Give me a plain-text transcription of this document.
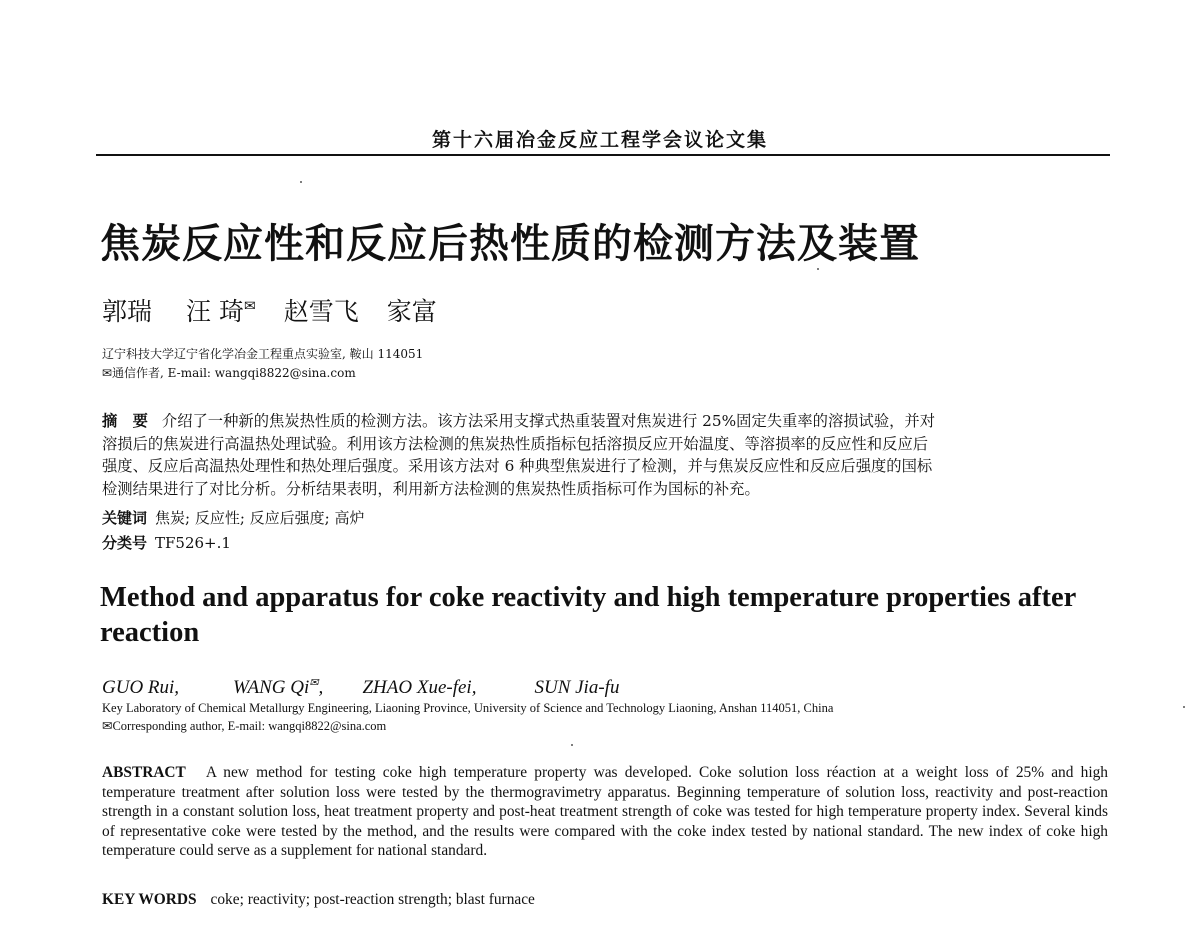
第十六届冶金反应工程学会议论文集
焦炭反应性和反应后热性质的检测方法及装置
郭瑞 汪 琦✉ 赵雪飞 家富
辽宁科技大学辽宁省化学冶金工程重点实验室, 鞍山 114051
✉通信作者, E-mail: wangqi8822@sina.com
摘　要 介绍了一种新的焦炭热性质的检测方法。该方法采用支撑式热重装置对焦炭进行 25%固定失重率的溶损试验，并对
溶损后的焦炭进行高温热处理试验。利用该方法检测的焦炭热性质指标包括溶损反应开始温度、等溶损率的反应性和反应后
强度、反应后高温热处理性和热处理后强度。采用该方法对 6 种典型焦炭进行了检测，并与焦炭反应性和反应后强度的国标
检测结果进行了对比分析。分析结果表明，利用新方法检测的焦炭热性质指标可作为国标的补充。
关键词 焦炭; 反应性; 反应后强度; 高炉
分类号 TF526+.1
Method and apparatus for coke reactivity and high temperature properties after reaction
GUO Rui,	WANG Qi✉, ZHAO Xue-fei,	SUN Jia-fu
Key Laboratory of Chemical Metallurgy Engineering, Liaoning Province, University of Science and Technology Liaoning, Anshan 114051, China
✉Corresponding author, E-mail: wangqi8822@sina.com
ABSTRACT A new method for testing coke high temperature property was developed. Coke solution loss réaction at a weight loss of 25% and high temperature treatment after solution loss were tested by the thermogravimetry apparatus. Beginning temperature of solution loss, reactivity and post-reaction strength in a constant solution loss, heat treatment property and post-heat treatment strength of coke was tested for high temperature property index. Several kinds of representative coke were tested by the method, and the results were compared with the coke index tested by national standard. The new index of coke high temperature could serve as a supplement for national standard.
KEY WORDS coke; reactivity; post-reaction strength; blast furnace
